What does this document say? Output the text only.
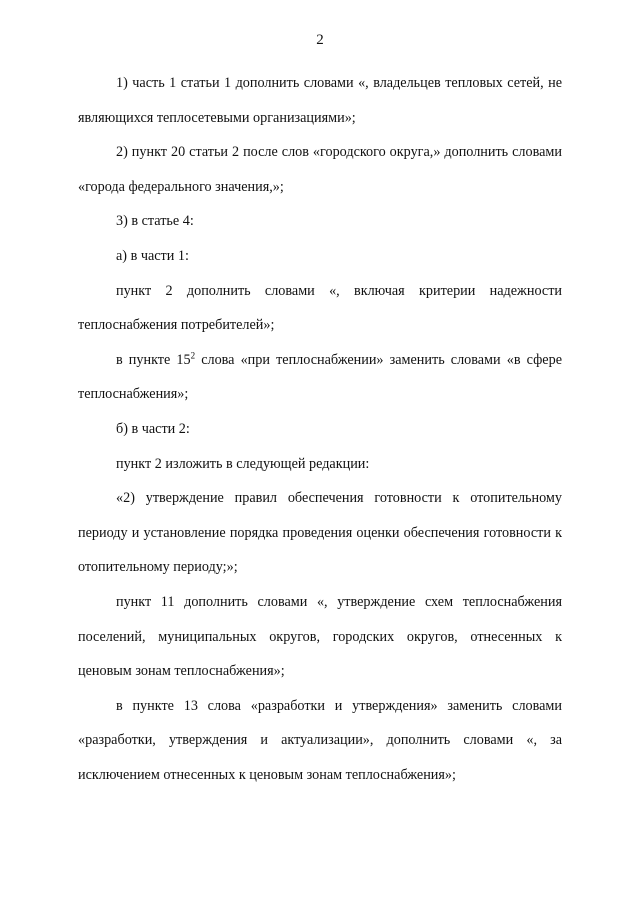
2

1) часть 1 статьи 1 дополнить словами «, владельцев тепловых сетей, не являющихся теплосетевыми организациями»;

2) пункт 20 статьи 2 после слов «городского округа,» дополнить словами «города федерального значения,»;

3) в статье 4:

а) в части 1:

пункт 2 дополнить словами «, включая критерии надежности теплоснабжения потребителей»;

в пункте $15^2$ слова «при теплоснабжении» заменить словами «в сфере теплоснабжения»;

б) в части 2:

пункт 2 изложить в следующей редакции:

«2) утверждение правил обеспечения готовности к отопительному периоду и установление порядка проведения оценки обеспечения готовности к отопительному периоду;»;

пункт 11 дополнить словами «, утверждение схем теплоснабжения поселений, муниципальных округов, городских округов, отнесенных к ценовым зонам теплоснабжения»;

в пункте 13 слова «разработки и утверждения» заменить словами «разработки, утверждения и актуализации», дополнить словами «, за исключением отнесенных к ценовым зонам теплоснабжения»;
